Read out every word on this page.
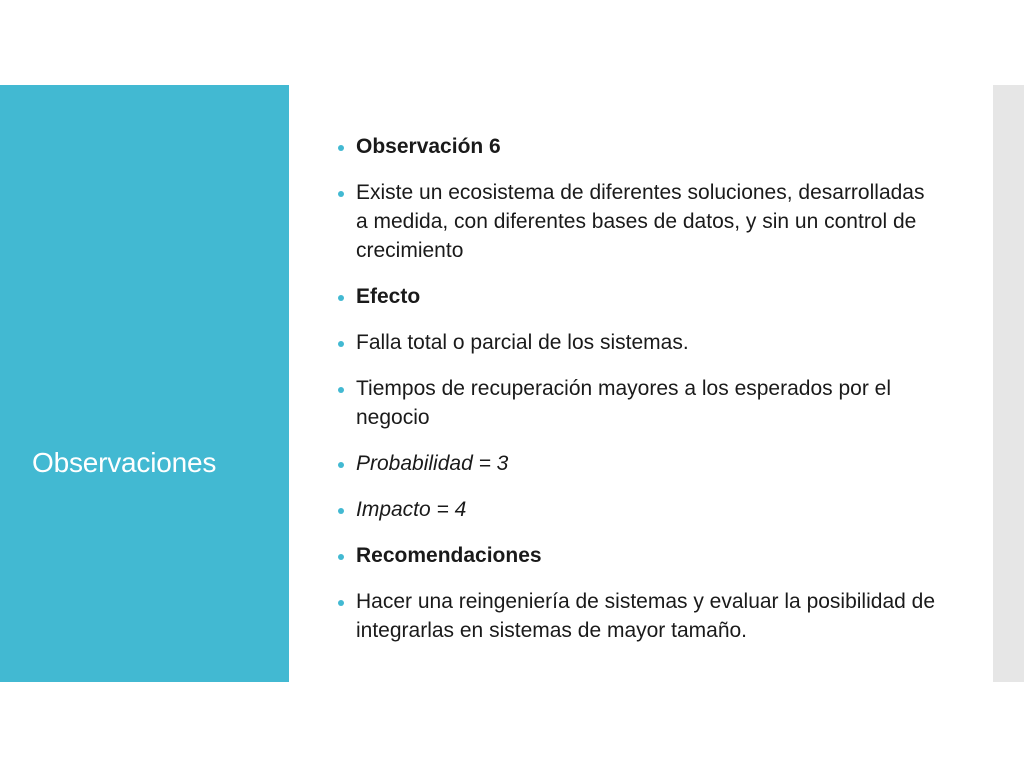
Observaciones
Observación 6
Existe un ecosistema de diferentes soluciones, desarrolladas a medida, con diferentes bases de datos, y sin un control de crecimiento
Efecto
Falla total o parcial de los sistemas.
Tiempos de recuperación mayores a los esperados por el negocio
Probabilidad = 3
Impacto = 4
Recomendaciones
Hacer una reingeniería de sistemas y evaluar la posibilidad de integrarlas en sistemas de mayor tamaño.
